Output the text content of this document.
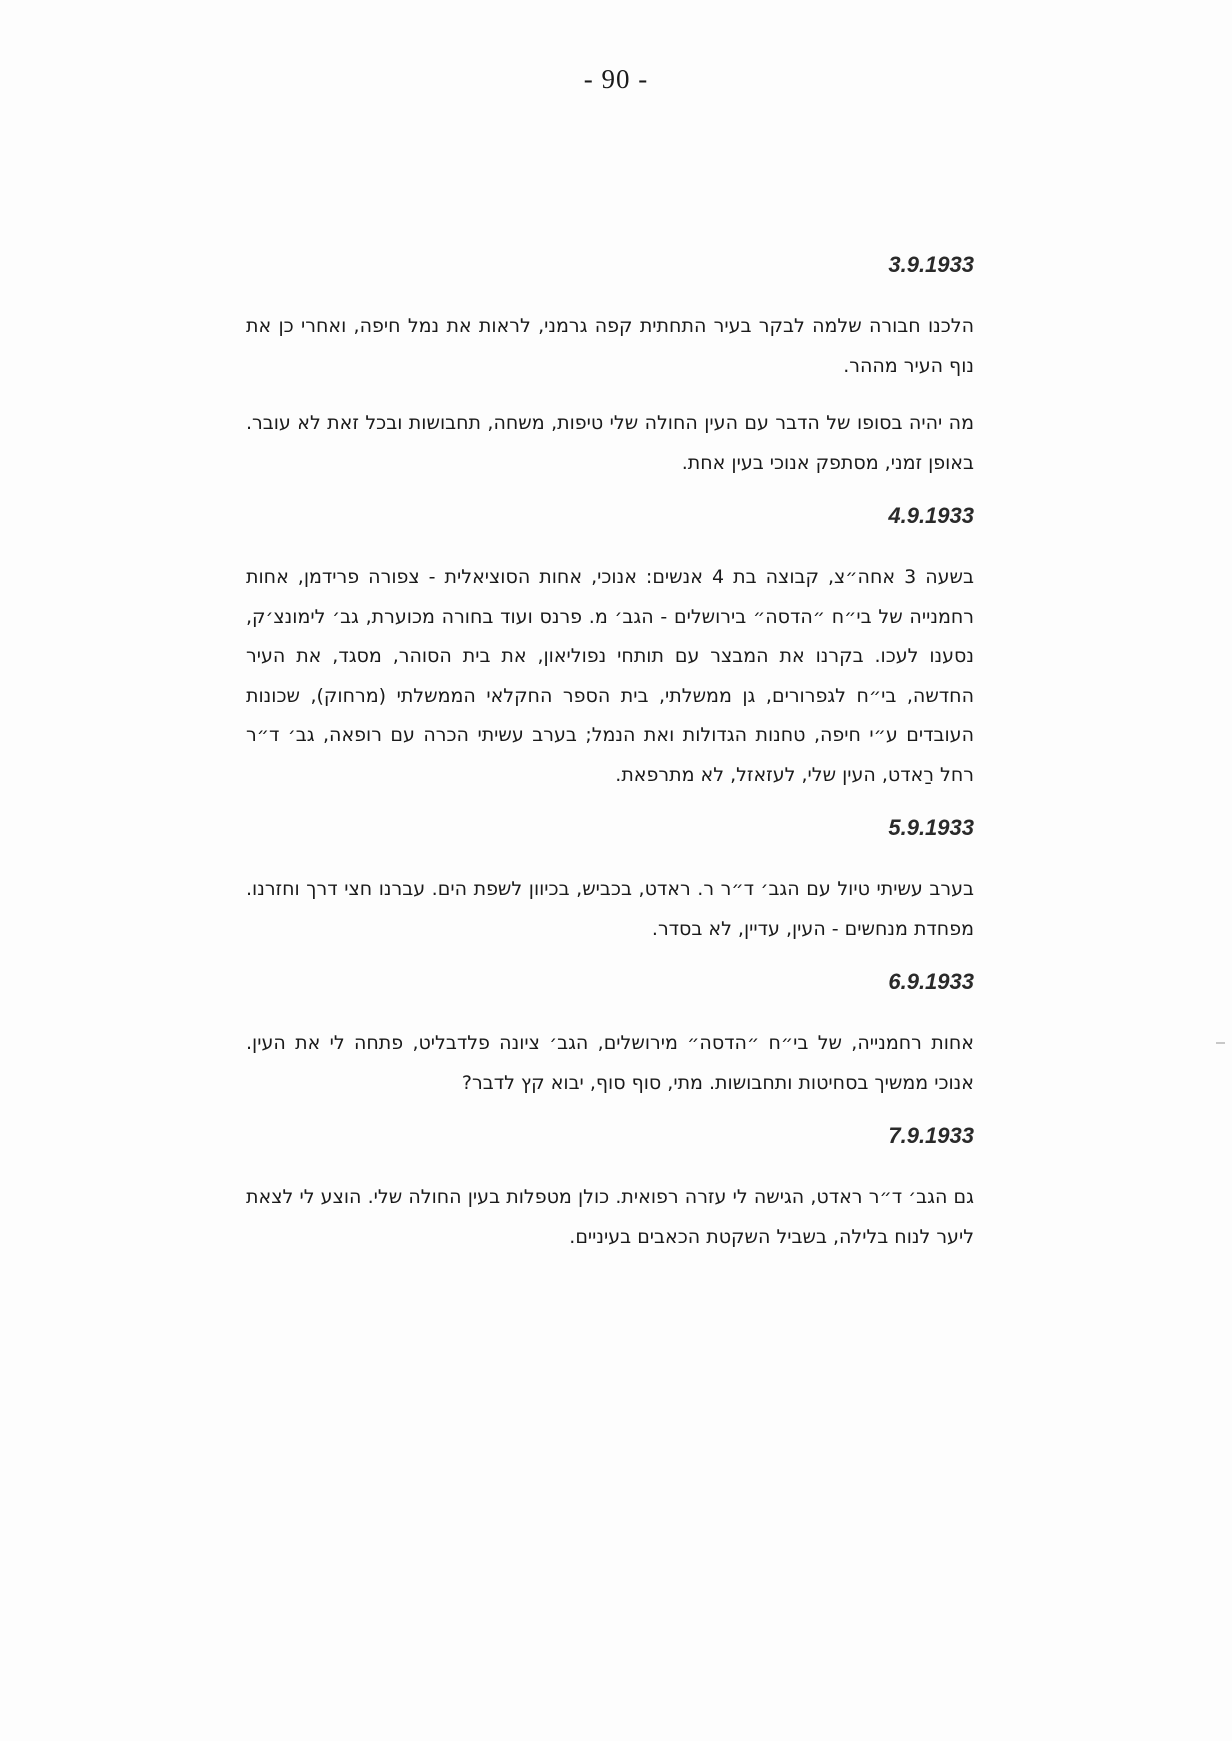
- 90 -
3.9.1933

הלכנו חבורה שלמה לבקר בעיר התחתית קפה גרמני, לראות את נמל חיפה, ואחרי כן את נוף העיר מההר.

מה יהיה בסופו של הדבר עם העין החולה שלי טיפות, משחה, תחבושות ובכל זאת לא עובר. באופן זמני, מסתפק אנוכי בעין אחת.

4.9.1933

בשעה 3 אחה״צ, קבוצה בת 4 אנשים: אנוכי, אחות הסוציאלית - צפורה פרידמן, אחות רחמנייה של בי״ח ״הדסה״ בירושלים - הגב׳ מ. פרנס ועוד בחורה מכוערת, גב׳ לימונצ׳ק, נסענו לעכו. בקרנו את המבצר עם תותחי נפוליאון, את בית הסוהר, מסגד, את העיר החדשה, בי״ח לגפרורים, גן ממשלתי, בית הספר החקלאי הממשלתי (מרחוק), שכונות העובדים ע״י חיפה, טחנות הגדולות ואת הנמל; בערב עשיתי הכרה עם רופאה, גב׳ ד״ר רחל רַאדט, העין שלי, לעזאזל, לא מתרפאת.

5.9.1933

בערב עשיתי טיול עם הגב׳ ד״ר ר. ראדט, בכביש, בכיוון לשפת הים. עברנו חצי דרך וחזרנו. מפחדת מנחשים - העין, עדיין, לא בסדר.

6.9.1933

אחות רחמנייה, של בי״ח ״הדסה״ מירושלים, הגב׳ ציונה פלדבליט, פתחה לי את העין. אנוכי ממשיך בסחיטות ותחבושות. מתי, סוף סוף, יבוא קץ לדבר?

7.9.1933

גם הגב׳ ד״ר ראדט, הגישה לי עזרה רפואית. כולן מטפלות בעין החולה שלי. הוצע לי לצאת ליער לנוח בלילה, בשביל השקטת הכאבים בעיניים.
